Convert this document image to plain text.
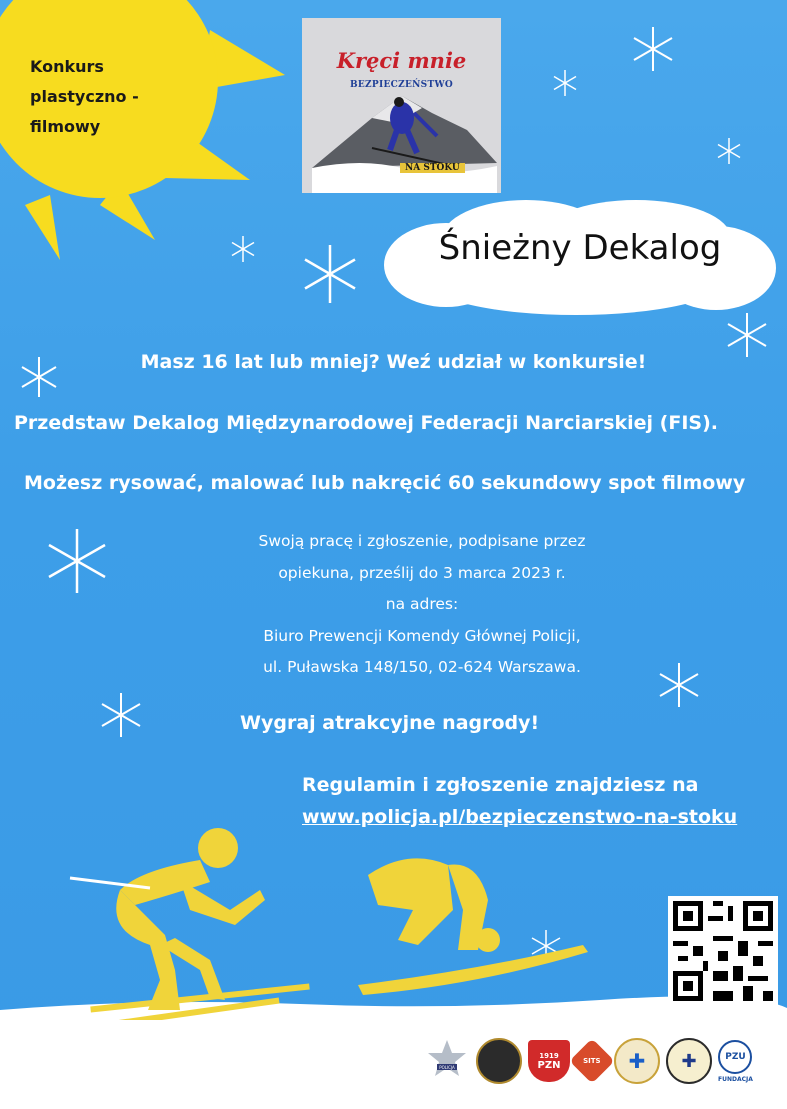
Konkurs plastyczno - filmowy
Kręci mnie
BEZPIECZEŃSTWO
NA STOKU
Śnieżny Dekalog
Masz 16 lat lub mniej? Weź udział w konkursie!
Przedstaw Dekalog Międzynarodowej Federacji Narciarskiej (FIS).
Możesz rysować, malować lub nakręcić 60 sekundowy spot filmowy
Swoją pracę i zgłoszenie, podpisane przez
opiekuna, prześlij do 3 marca 2023 r.
na adres:
Biuro Prewencji Komendy Głównej Policji,
ul. Puławska 148/150, 02-624 Warszawa.
Wygraj atrakcyjne nagrody!
Regulamin i zgłoszenie znajdziesz na
www.policja.pl/bezpieczenstwo-na-stoku
POLICJA
1919
PZN	SITS ✚ ✚	PZU
FUNDACJA
